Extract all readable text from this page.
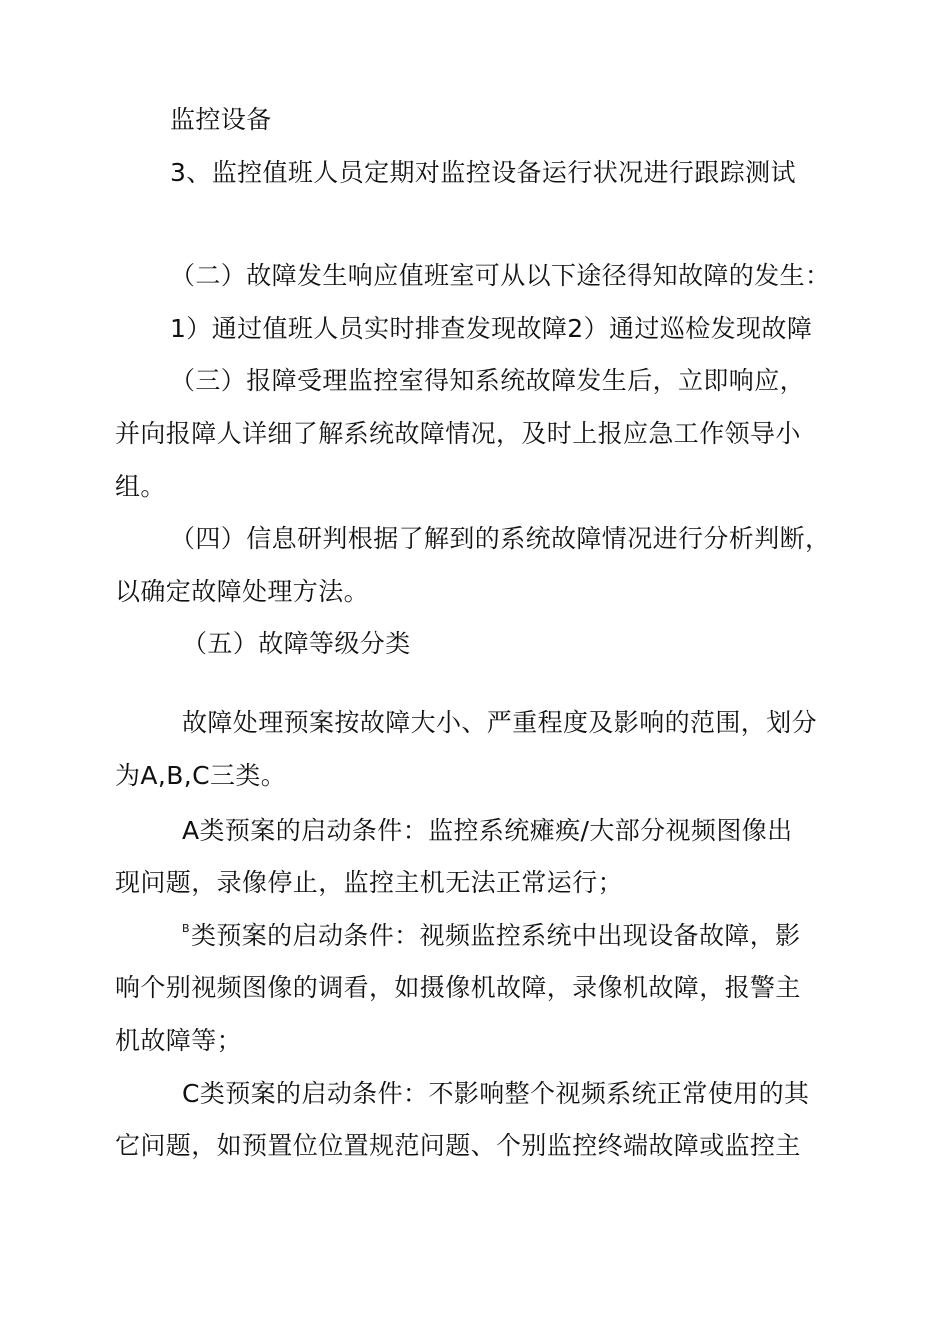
监控设备
3、监控值班人员定期对监控设备运行状况进行跟踪测试
（二）故障发生响应值班室可从以下途径得知故障的发生：
1）通过值班人员实时排查发现故障2）通过巡检发现故障
（三）报障受理监控室得知系统故障发生后，立即响应，
并向报障人详细了解系统故障情况，及时上报应急工作领导小
组。
（四）信息研判根据了解到的系统故障情况进行分析判断，
以确定故障处理方法。
（五）故障等级分类
故障处理预案按故障大小、严重程度及影响的范围，划分
为A,B,C三类。
A类预案的启动条件：监控系统瘫痪/大部分视频图像出
现问题，录像停止，监控主机无法正常运行；
$^B$类预案的启动条件：视频监控系统中出现设备故障，影
响个别视频图像的调看，如摄像机故障，录像机故障，报警主
机故障等；
C类预案的启动条件：不影响整个视频系统正常使用的其
它问题，如预置位位置规范问题、个别监控终端故障或监控主
